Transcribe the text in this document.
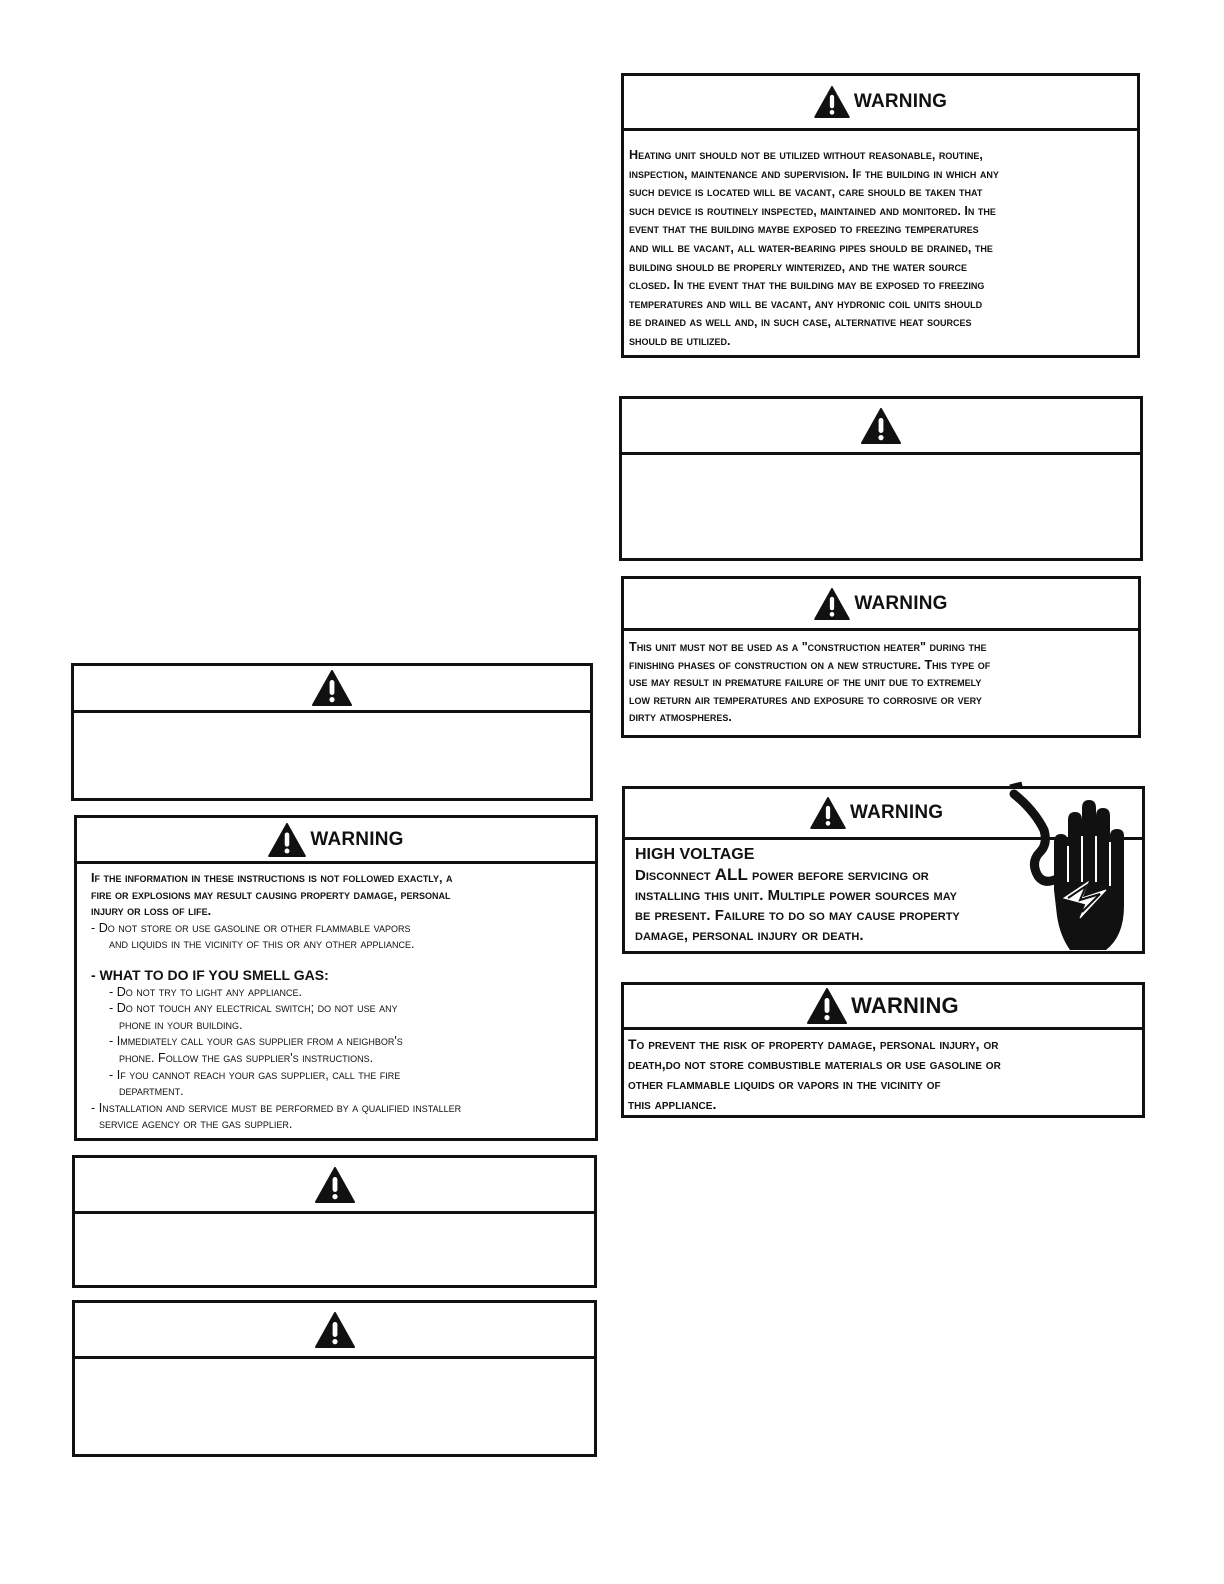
WARNING
If the information in these instructions is not followed exactly, a
fire or explosions may result causing property damage, personal
injury or loss of life.
- Do not store or use gasoline or other flammable vapors
and liquids in the vicinity of this or any other appliance.
- WHAT TO DO IF YOU SMELL GAS:
- Do not try to light any appliance.
- Do not touch any electrical switch; do not use any
phone in your building.
- Immediately call your gas supplier from a neighbor's
phone. Follow the gas supplier's instructions.
- If you cannot reach your gas supplier, call the fire
department.
- Installation and service must be performed by a qualified installer
service agency or the gas supplier.
WARNING
Heating unit should not be utilized without reasonable, routine,
inspection, maintenance and supervision. If the building in which any
such device is located will be vacant, care should be taken that
such device is routinely inspected, maintained and monitored. In the
event that the building maybe exposed to freezing temperatures
and will be vacant, all water-bearing pipes should be drained, the
building should be properly winterized, and the water source
closed. In the event that the building may be exposed to freezing
temperatures and will be vacant, any hydronic coil units should
be drained as well and, in such case, alternative heat sources
should be utilized.
WARNING
This unit must not be used as a "construction heater" during the
finishing phases of construction on a new structure. This type of
use may result in premature failure of the unit due to extremely
low return air temperatures and exposure to corrosive or very
dirty atmospheres.
WARNING
HIGH VOLTAGE
Disconnect ALL power before servicing or
installing this unit. Multiple power sources may
be present. Failure to do so may cause property
damage, personal injury or death.
WARNING
To prevent the risk of property damage, personal injury, or
death,do not store combustible materials or use gasoline or
other flammable liquids or vapors in the vicinity of
this appliance.
